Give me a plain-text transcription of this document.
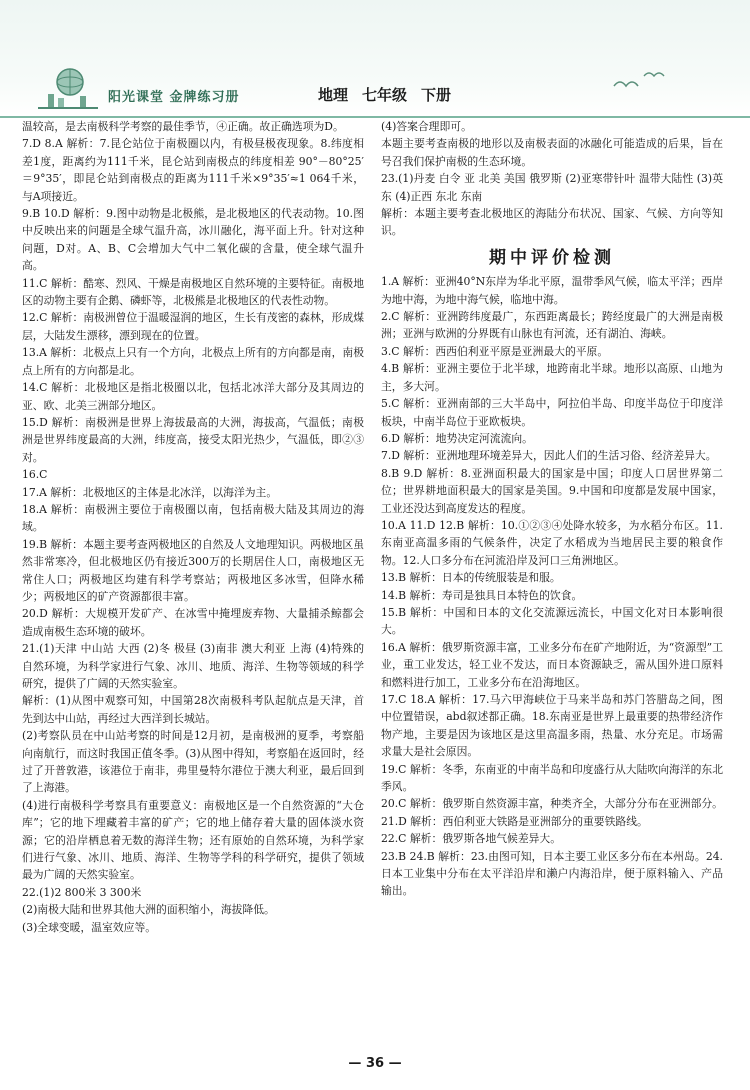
阳光课堂 金牌练习册	地理 七年级 下册

温较高，是去南极科学考察的最佳季节，④正确。故正确选项为D。

7.D 8.A 解析：7.昆仑站位于南极圈以内，有极昼极夜现象。8.纬度相差1度，距离约为111千米，昆仑站到南极点的纬度相差 90°－80°25′＝9°35′，即昆仑站到南极点的距离为111千米×9°35′≈1 064千米，与A项接近。

9.B 10.D 解析：9.图中动物是北极熊，是北极地区的代表动物。10.图中反映出来的问题是全球气温升高，冰川融化，海平面上升。针对这种问题，D对。A、B、C会增加大气中二氧化碳的含量，使全球气温升高。

11.C 解析：酷寒、烈风、干燥是南极地区自然环境的主要特征。南极地区的动物主要有企鹅、磷虾等，北极熊是北极地区的代表性动物。

12.C 解析：南极洲曾位于温暖湿润的地区，生长有茂密的森林，形成煤层，大陆发生漂移，漂到现在的位置。

13.A 解析：北极点上只有一个方向，北极点上所有的方向都是南，南极点上所有的方向都是北。

14.C 解析：北极地区是指北极圈以北，包括北冰洋大部分及其周边的亚、欧、北美三洲部分地区。

15.D 解析：南极洲是世界上海拔最高的大洲，海拔高，气温低；南极洲是世界纬度最高的大洲，纬度高，接受太阳光热少，气温低，即②③对。

16.C

17.A 解析：北极地区的主体是北冰洋，以海洋为主。

18.A 解析：南极洲主要位于南极圈以南，包括南极大陆及其周边的海域。

19.B 解析：本题主要考查两极地区的自然及人文地理知识。两极地区虽然非常寒冷，但北极地区仍有接近300万的长期居住人口，南极地区无常住人口；两极地区均建有科学考察站；两极地区多冰雪，但降水稀少；两极地区的矿产资源都很丰富。

20.D 解析：大规模开发矿产、在冰雪中掩埋废弃物、大量捕杀鲸都会造成南极生态环境的破坏。

21.(1)天津 中山站 大西 (2)冬 极昼 (3)南非 澳大利亚 上海 (4)特殊的自然环境，为科学家进行气象、冰川、地质、海洋、生物等领域的科学研究，提供了广阔的天然实验室。

解析：(1)从图中观察可知，中国第28次南极科考队起航点是天津，首先到达中山站，再经过大西洋到长城站。

(2)考察队员在中山站考察的时间是12月初，是南极洲的夏季，考察船向南航行，而这时我国正值冬季。(3)从图中得知，考察船在返回时，经过了开普敦港，该港位于南非，弗里曼特尔港位于澳大利亚，最后回到了上海港。

(4)进行南极科学考察具有重要意义：南极地区是一个自然资源的“大仓库”；它的地下埋藏着丰富的矿产；它的地上储存着大量的固体淡水资源；它的沿岸栖息着无数的海洋生物；还有原始的自然环境，为科学家们进行气象、冰川、地质、海洋、生物等学科的科学研究，提供了领域最为广阔的天然实验室。

22.(1)2 800米 3 300米

(2)南极大陆和世界其他大洲的面积缩小，海拔降低。

(3)全球变暖，温室效应等。

(4)答案合理即可。

本题主要考查南极的地形以及南极表面的冰融化可能造成的后果，旨在号召我们保护南极的生态环境。

23.(1)丹麦 白令 亚 北美 美国 俄罗斯 (2)亚寒带针叶 温带大陆性 (3)英 东 (4)正西 东北 东南

解析：本题主要考查北极地区的海陆分布状况、国家、气候、方向等知识。

期中评价检测

1.A 解析：亚洲40°N东岸为华北平原，温带季风气候，临太平洋；西岸为地中海，为地中海气候，临地中海。

2.C 解析：亚洲跨纬度最广，东西距离最长；跨经度最广的大洲是南极洲；亚洲与欧洲的分界既有山脉也有河流，还有湖泊、海峡。

3.C 解析：西西伯利亚平原是亚洲最大的平原。

4.B 解析：亚洲主要位于北半球，地跨南北半球。地形以高原、山地为主，多大河。

5.C 解析：亚洲南部的三大半岛中，阿拉伯半岛、印度半岛位于印度洋板块，中南半岛位于亚欧板块。

6.D 解析：地势决定河流流向。

7.D 解析：亚洲地理环境差异大，因此人们的生活习俗、经济差异大。

8.B 9.D 解析：8.亚洲面积最大的国家是中国；印度人口居世界第二位；世界耕地面积最大的国家是美国。9.中国和印度都是发展中国家，工业还没达到高度发达的程度。

10.A 11.D 12.B 解析：10.①②③④处降水较多，为水稻分布区。11.东南亚高温多雨的气候条件，决定了水稻成为当地居民主要的粮食作物。12.人口多分布在河流沿岸及河口三角洲地区。

13.B 解析：日本的传统服装是和服。

14.B 解析：寿司是独具日本特色的饮食。

15.B 解析：中国和日本的文化交流源远流长，中国文化对日本影响很大。

16.A 解析：俄罗斯资源丰富，工业多分布在矿产地附近，为“资源型”工业，重工业发达，轻工业不发达，而日本资源缺乏，需从国外进口原料和燃料进行加工，工业多分布在沿海地区。

17.C 18.A 解析：17.马六甲海峡位于马来半岛和苏门答腊岛之间，图中位置错误，abd叙述都正确。18.东南亚是世界上最重要的热带经济作物产地，主要是因为该地区是这里高温多雨，热量、水分充足。市场需求量大是社会原因。

19.C 解析：冬季，东南亚的中南半岛和印度盛行从大陆吹向海洋的东北季风。

20.C 解析：俄罗斯自然资源丰富，种类齐全，大部分分布在亚洲部分。

21.D 解析：西伯利亚大铁路是亚洲部分的重要铁路线。

22.C 解析：俄罗斯各地气候差异大。

23.B 24.B 解析：23.由图可知，日本主要工业区多分布在本州岛。24.日本工业集中分布在太平洋沿岸和濑户内海沿岸，便于原料输入、产品输出。

— 36 —
